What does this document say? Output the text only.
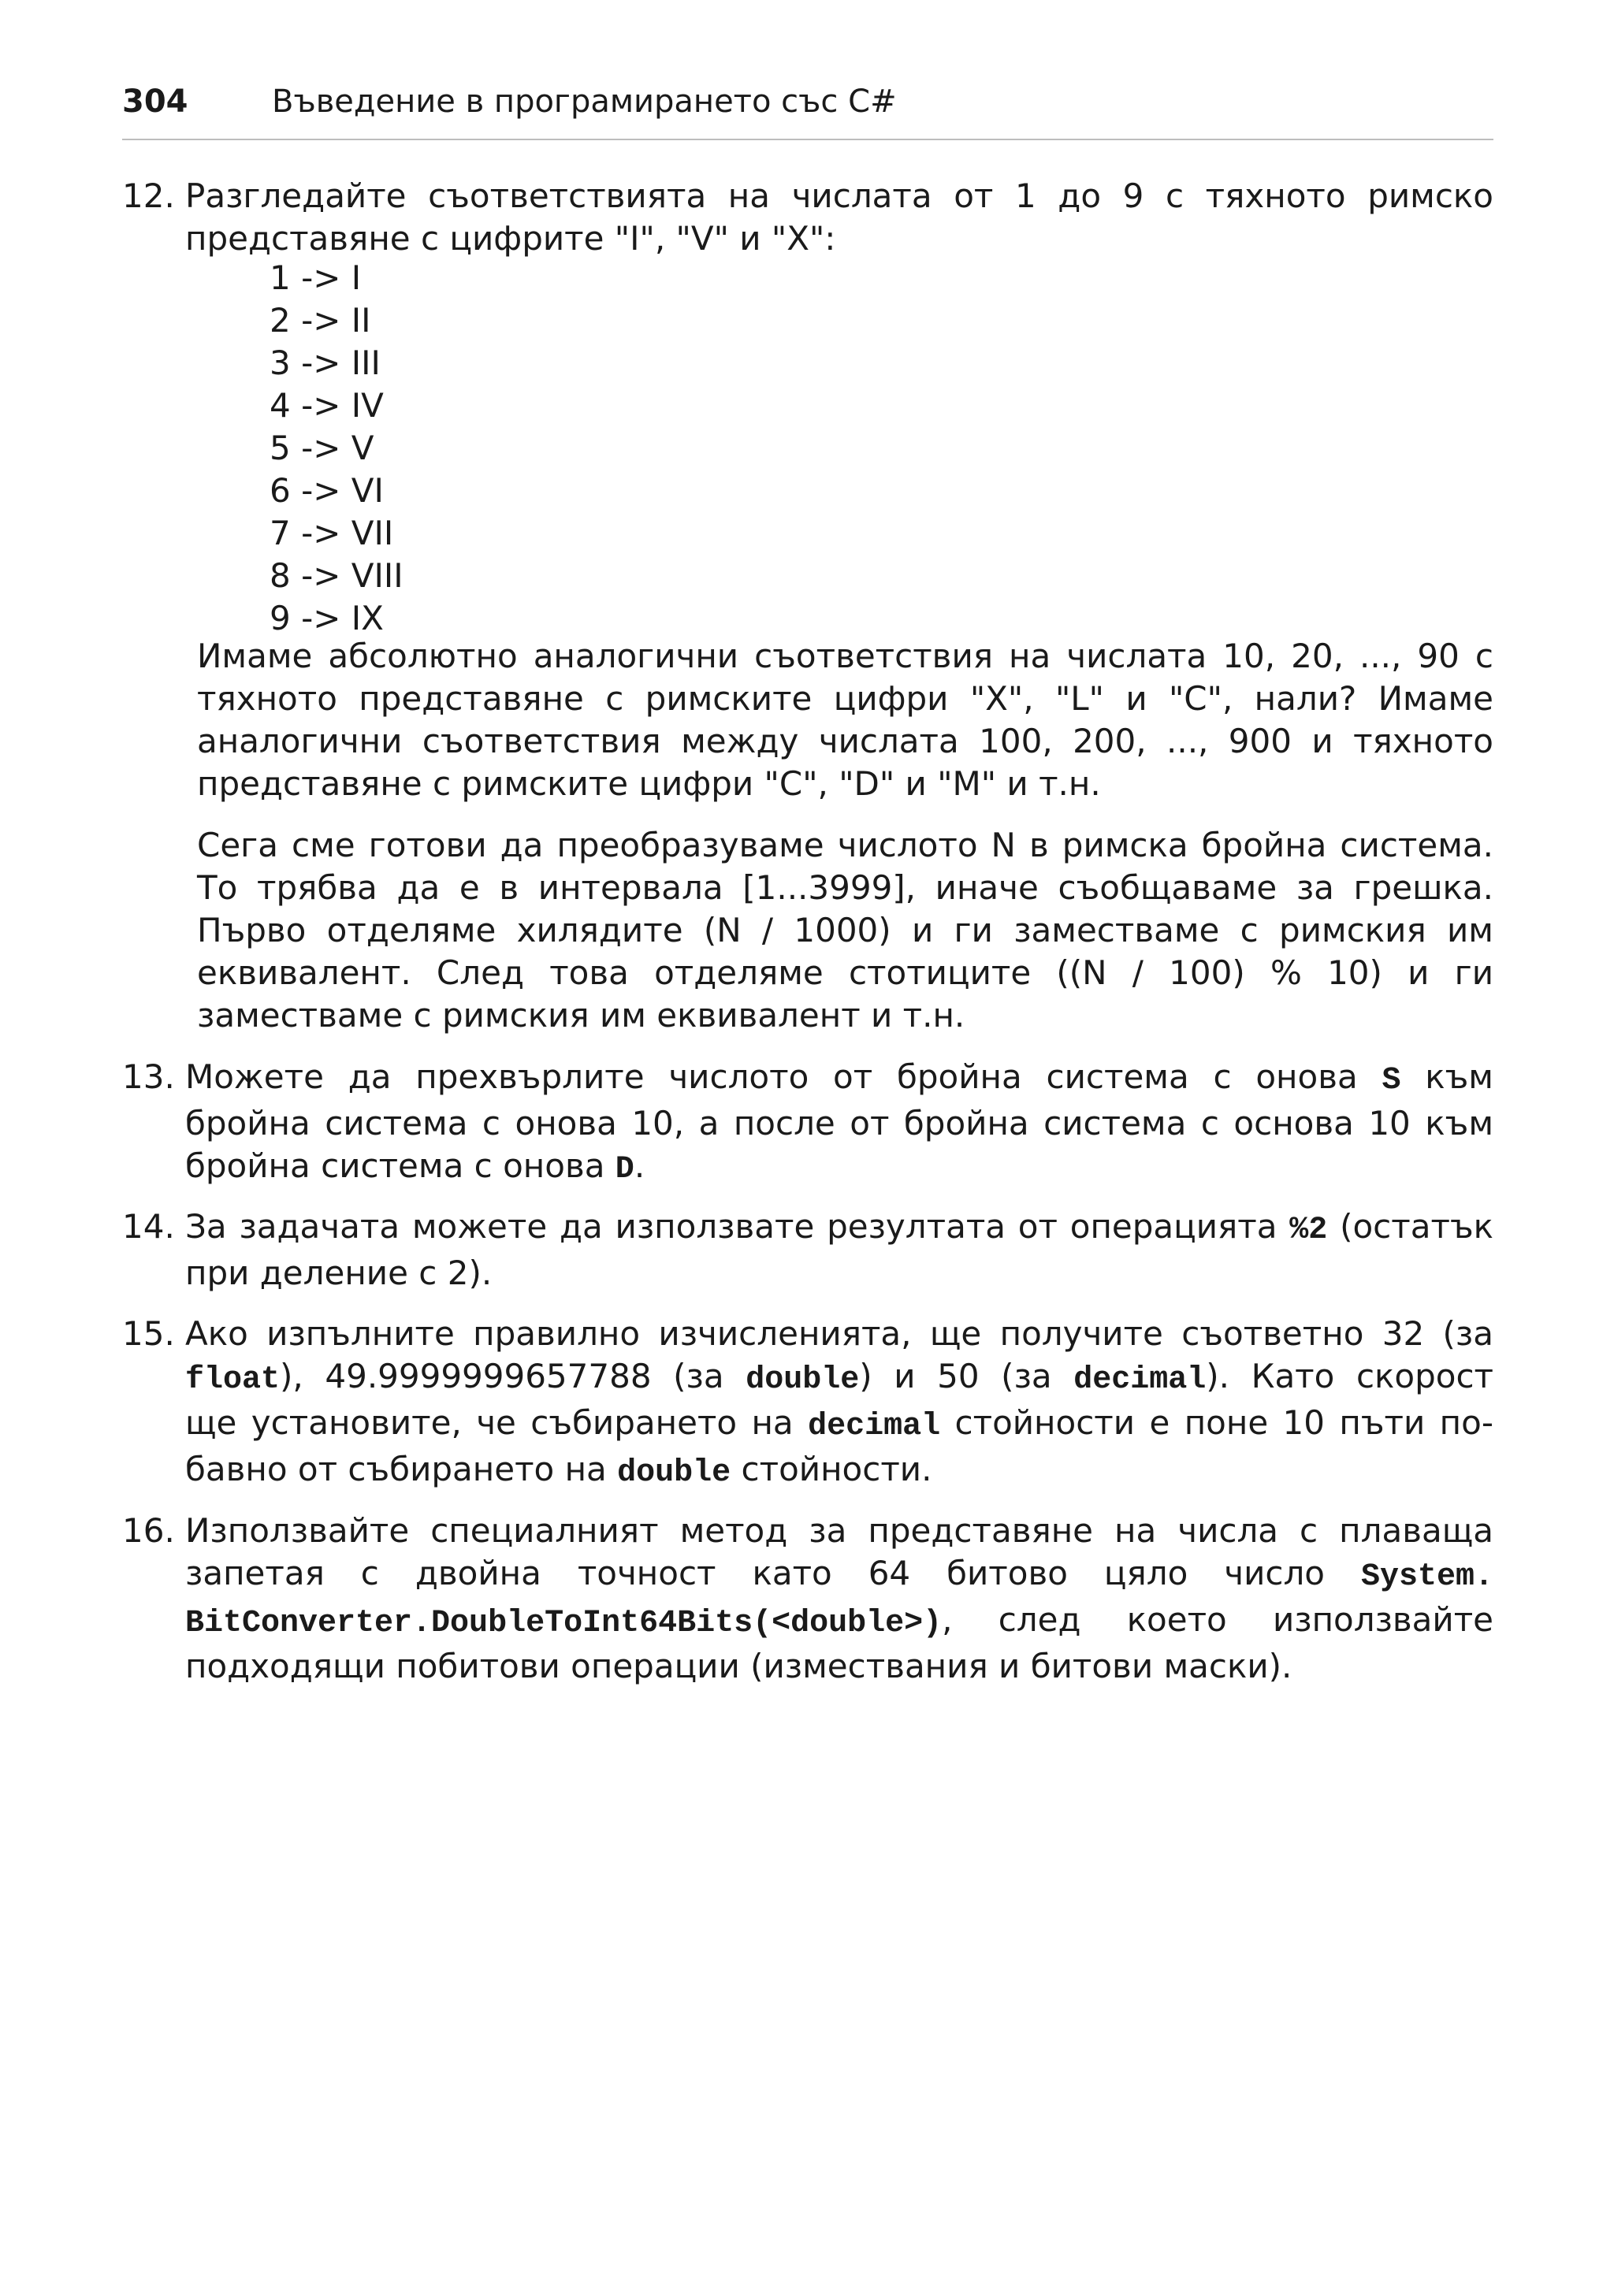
304	Въведение в програмирането със C#
12. Разгледайте съответствията на числата от 1 до 9 с тяхното римско
представяне с цифрите "I", "V" и "X":
1 -> I
2 -> II
3 -> III
4 -> IV
5 -> V
6 -> VI
7 -> VII
8 -> VIII
9 -> IX
Имаме абсолютно аналогични съответствия на числата 10, 20, ..., 90 с
тяхното представяне с римските цифри "X", "L" и "C", нали? Имаме
аналогични съответствия между числата 100, 200, ..., 900 и тяхното
представяне с римските цифри "C", "D" и "M" и т.н.
Сега сме готови да преобразуваме числото N в римска бройна система.
То трябва да е в интервала [1...3999], иначе съобщаваме за грешка.
Първо отделяме хилядите (N / 1000) и ги заместваме с римския им
еквивалент. След това отделяме стотиците ((N / 100) % 10) и ги
заместваме с римския им еквивалент и т.н.
13. Можете да прехвърлите числото от бройна система с онова S към
бройна система с онова 10, а после от бройна система с основа 10 към
бройна система с онова D.
14. За задачата можете да използвате резултата от операцията %2 (остатък
при деление с 2).
15. Ако изпълните правилно изчисленията, ще получите съответно 32 (за
float), 49.9999999657788 (за double) и 50 (за decimal). Като скорост
ще установите, че събирането на decimal стойности е поне 10 пъти по-
бавно от събирането на double стойности.
16. Използвайте специалният метод за представяне на числа с плаваща
запетая с двойна точност като 64 битово цяло число System.
BitConverter.DoubleToInt64Bits(<double>), след което използвайте
подходящи побитови операции (измествания и битови маски).
